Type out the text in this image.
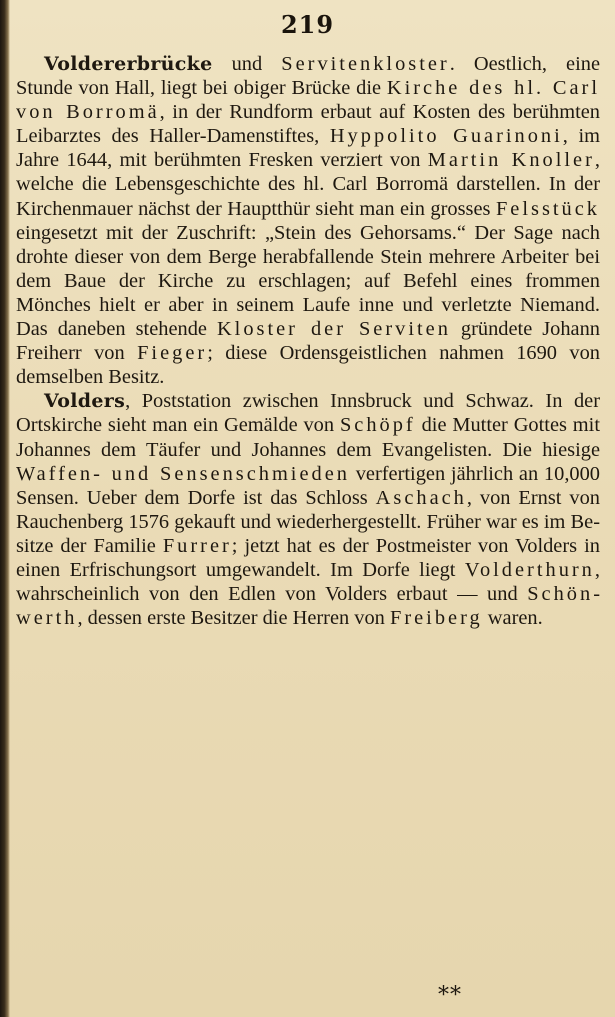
219

Voldererbrücke und Servitenkloster. Oestlich, eine Stunde von Hall, liegt bei obiger Brücke die Kirche des hl. Carl von Borromä, in der Rundform erbaut auf Kosten des berühmten Leibarztes des Haller-Damenstiftes, Hyppolito Guarinoni, im Jahre 1644, mit berühmten Fresken verziert von Martin Knoller, welche die Lebensgeschichte des hl. Carl Borromä darstellen. In der Kirchenmauer nächst der Hauptthür sieht man ein grosses Felsstück eingesetzt mit der Zuschrift: „Stein des Gehorsams.“ Der Sage nach drohte dieser von dem Berge herabfallende Stein mehrere Arbeiter bei dem Baue der Kirche zu erschlagen; auf Befehl eines frommen Mönches hielt er aber in seinem Laufe inne und verletzte Niemand. Das daneben stehende Kloster der Serviten gründete Johann Freiherr von Fieger; diese Ordensgeistlichen nahmen 1690 von demselben Besitz.

Volders, Poststation zwischen Innsbruck und Schwaz. In der Ortskirche sieht man ein Gemälde von Schöpf die Mutter Gottes mit Johannes dem Täufer und Johannes dem Evangelisten. Die hiesige Waffen- und Sensenschmieden verfertigen jährlich an 10,000 Sensen. Ueber dem Dorfe ist das Schloss Aschach, von Ernst von Rauchenberg 1576 gekauft und wiederhergestellt. Früher war es im Besitze der Familie Furrer; jetzt hat es der Postmeister von Volders in einen Erfrischungsort umgewandelt. Im Dorfe liegt Volderthurn, wahrscheinlich von den Edlen von Volders erbaut — und Schönwerth, dessen erste Besitzer die Herren von Freiberg waren.

**
